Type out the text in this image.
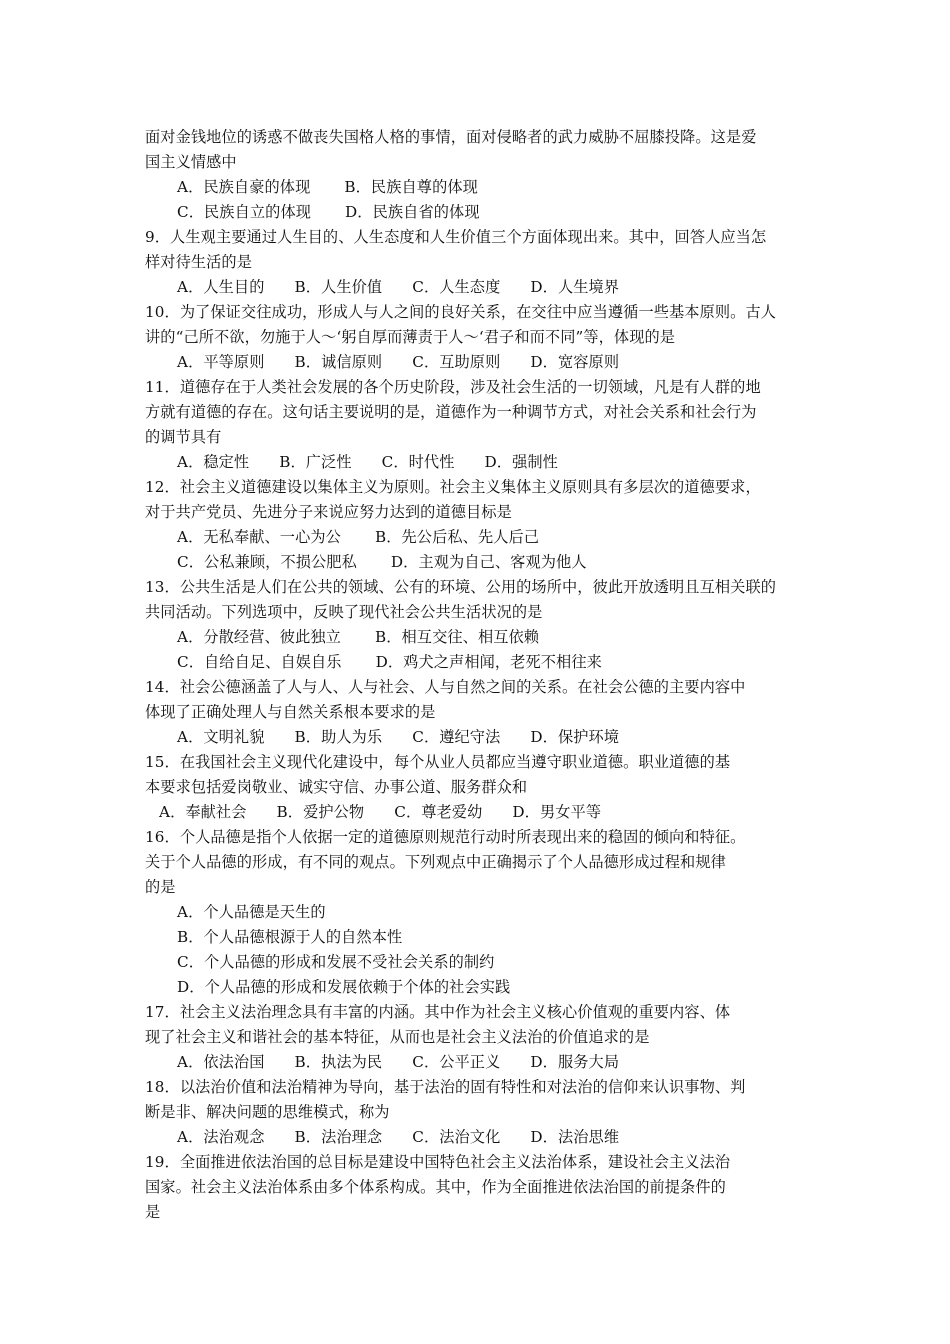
面对金钱地位的诱惑不做丧失国格人格的事情，面对侵略者的武力威胁不屈膝投降。这是爱
国主义情感中
A．民族自豪的体现 B．民族自尊的体现
C．民族自立的体现 D．民族自省的体现
9．人生观主要通过人生目的、人生态度和人生价值三个方面体现出来。其中，回答人应当怎
样对待生活的是
A．人生目的 B．人生价值 C．人生态度 D．人生境界
10．为了保证交往成功，形成人与人之间的良好关系，在交往中应当遵循一些基本原则。古人
讲的“己所不欲，勿施于人～‘躬自厚而薄责于人～‘君子和而不同”等，体现的是
A．平等原则 B．诚信原则 C．互助原则 D．宽容原则
11．道德存在于人类社会发展的各个历史阶段，涉及社会生活的一切领域，凡是有人群的地
方就有道德的存在。这句话主要说明的是，道德作为一种调节方式，对社会关系和社会行为
的调节具有
A．稳定性 B．广泛性 C．时代性 D．强制性
12．社会主义道德建设以集体主义为原则。社会主义集体主义原则具有多层次的道德要求，
对于共产党员、先进分子来说应努力达到的道德目标是
A．无私奉献、一心为公 B．先公后私、先人后己
C．公私兼顾，不损公肥私 D．主观为自己、客观为他人
13．公共生活是人们在公共的领域、公有的环境、公用的场所中，彼此开放透明且互相关联的
共同活动。下列选项中，反映了现代社会公共生活状况的是
A．分散经营、彼此独立 B．相互交往、相互依赖
C．自给自足、自娱自乐 D．鸡犬之声相闻，老死不相往来
14．社会公德涵盖了人与人、人与社会、人与自然之间的关系。在社会公德的主要内容中
体现了正确处理人与自然关系根本要求的是
A．文明礼貌 B．助人为乐 C．遵纪守法 D．保护环境
15．在我国社会主义现代化建设中，每个从业人员都应当遵守职业道德。职业道德的基
本要求包括爱岗敬业、诚实守信、办事公道、服务群众和
A．奉献社会 B．爱护公物 C．尊老爱幼 D．男女平等
16．个人品德是指个人依据一定的道德原则规范行动时所表现出来的稳固的倾向和特征。
关于个人品德的形成，有不同的观点。下列观点中正确揭示了个人品德形成过程和规律
的是
A．个人品德是天生的
B．个人品德根源于人的自然本性
C．个人品德的形成和发展不受社会关系的制约
D．个人品德的形成和发展依赖于个体的社会实践
17．社会主义法治理念具有丰富的内涵。其中作为社会主义核心价值观的重要内容、体
现了社会主义和谐社会的基本特征，从而也是社会主义法治的价值追求的是
A．依法治国 B．执法为民 C．公平正义 D．服务大局
18．以法治价值和法治精神为导向，基于法治的固有特性和对法治的信仰来认识事物、判
断是非、解决问题的思维模式，称为
A．法治观念 B．法治理念 C．法治文化 D．法治思维
19．全面推进依法治国的总目标是建设中国特色社会主义法治体系，建设社会主义法治
国家。社会主义法治体系由多个体系构成。其中，作为全面推进依法治国的前提条件的
是
